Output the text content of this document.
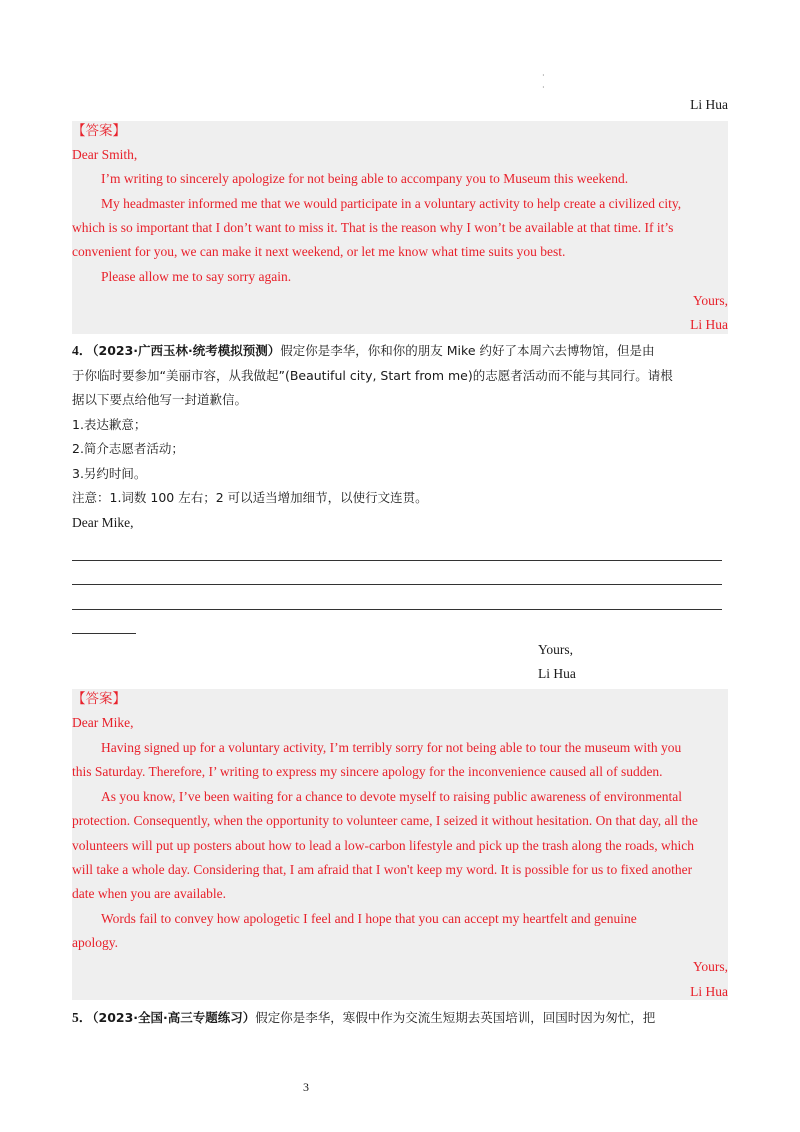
·
·
Li Hua
【答案】
Dear Smith,
I’m writing to sincerely apologize for not being able to accompany you to Museum this weekend.
My headmaster informed me that we would participate in a voluntary activity to help create a civilized city,
which is so important that I don’t want to miss it. That is the reason why I won’t be available at that time. If it’s
convenient for you, we can make it next weekend, or let me know what time suits you best.
Please allow me to say sorry again.
Yours,
Li Hua
4．（2023·广西玉林·统考模拟预测）假定你是李华，你和你的朋友 Mike 约好了本周六去博物馆，但是由
于你临时要参加“美丽市容，从我做起”(Beautiful city, Start from me)的志愿者活动而不能与其同行。请根
据以下要点给他写一封道歉信。
1.表达歉意；
2.简介志愿者活动；
3.另约时间。
注意：1.词数 100 左右；2 可以适当增加细节，以使行文连贯。
Dear Mike,
Yours,
Li Hua
【答案】
Dear Mike,
Having signed up for a voluntary activity, I’m terribly sorry for not being able to tour the museum with you
this Saturday. Therefore, I’ writing to express my sincere apology for the inconvenience caused all of sudden.
As you know, I’ve been waiting for a chance to devote myself to raising public awareness of environmental
protection. Consequently, when the opportunity to volunteer came, I seized it without hesitation. On that day, all the
volunteers will put up posters about how to lead a low-carbon lifestyle and pick up the trash along the roads, which
will take a whole day. Considering that, I am afraid that I won't keep my word. It is possible for us to fixed another
date when you are available.
Words fail to convey how apologetic I feel and I hope that you can accept my heartfelt and genuine
apology.
Yours,
Li Hua
5．（2023·全国·高三专题练习）假定你是李华，寒假中作为交流生短期去英国培训，回国时因为匆忙，把
3
